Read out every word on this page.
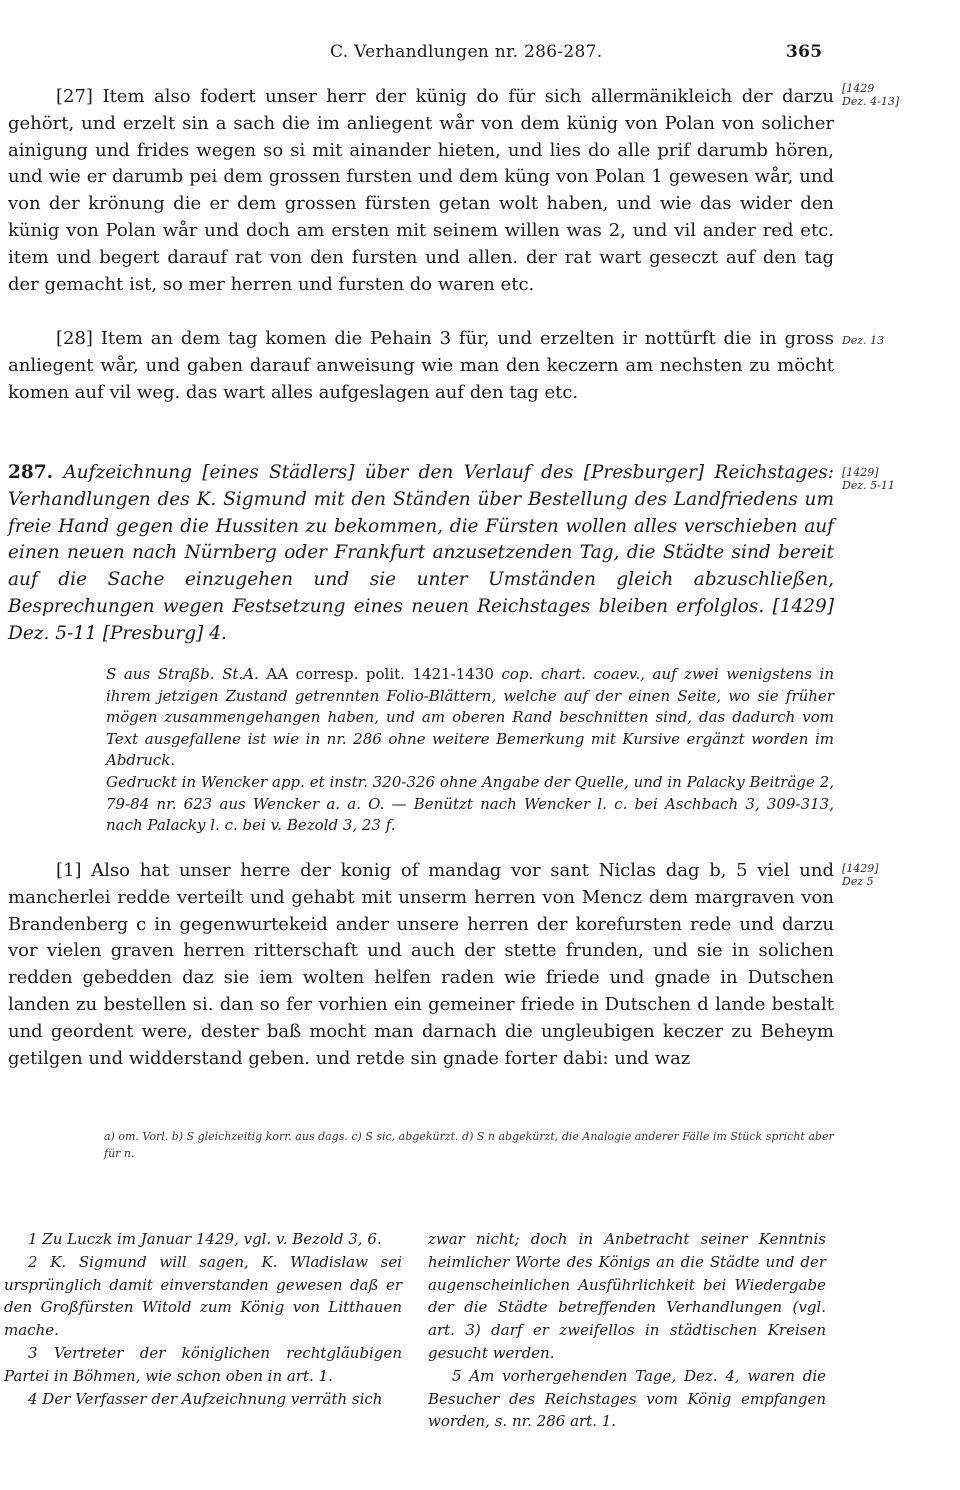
C. Verhandlungen nr. 286-287.	365
[27] Item also fodert unser herr der künig do für sich allermänikleich der darzu gehört, und erzelt sin a sach die im anliegent wår von dem künig von Polan von solicher ainigung und frides wegen so si mit ainander hieten, und lies do alle prif darumb hören, und wie er darumb pei dem grossen fursten und dem küng von Polan 1 gewesen wår, und von der krönung die er dem grossen fürsten getan wolt haben, und wie das wider den künig von Polan wår und doch am ersten mit seinem willen was 2, und vil ander red etc. item und begert darauf rat von den fursten und allen. der rat wart geseczt auf den tag der gemacht ist, so mer herren und fursten do waren etc.
[1429 Dez. 4-13]
[28] Item an dem tag komen die Pehain 3 für, und erzelten ir nottürft die in gross anliegent wår, und gaben darauf anweisung wie man den keczern am nechsten zu möcht komen auf vil weg. das wart alles aufgeslagen auf den tag etc.
Dez. 13
287. Aufzeichnung [eines Städlers] über den Verlauf des [Presburger] Reichstages: Verhandlungen des K. Sigmund mit den Ständen über Bestellung des Landfriedens um freie Hand gegen die Hussiten zu bekommen, die Fürsten wollen alles verschieben auf einen neuen nach Nürnberg oder Frankfurt anzusetzenden Tag, die Städte sind bereit auf die Sache einzugehen und sie unter Umständen gleich abzuschließen, Besprechungen wegen Festsetzung eines neuen Reichstages bleiben erfolglos. [1429] Dez. 5-11 [Presburg] 4.
[1429] Dez. 5-11
S aus Straßb. St.A. AA corresp. polit. 1421-1430 cop. chart. coaev., auf zwei wenigstens in ihrem jetzigen Zustand getrennten Folio-Blättern, welche auf der einen Seite, wo sie früher mögen zusammengehangen haben, und am oberen Rand beschnitten sind, das dadurch vom Text ausgefallene ist wie in nr. 286 ohne weitere Bemerkung mit Kursive ergänzt worden im Abdruck.
Gedruckt in Wencker app. et instr. 320-326 ohne Angabe der Quelle, und in Palacky Beiträge 2, 79-84 nr. 623 aus Wencker a. a. O. — Benützt nach Wencker l. c. bei Aschbach 3, 309-313, nach Palacky l. c. bei v. Bezold 3, 23 f.
[1] Also hat unser herre der konig of mandag vor sant Niclas dag b, 5 viel und mancherlei redde verteilt und gehabt mit unserm herren von Mencz dem margraven von Brandenberg c in gegenwurtekeid ander unsere herren der korefursten rede und darzu vor vielen graven herren ritterschaft und auch der stette frunden, und sie in solichen redden gebedden daz sie iem wolten helfen raden wie friede und gnade in Dutschen landen zu bestellen si. dan so fer vorhien ein gemeiner friede in Dutschen d lande bestalt und geordent were, dester baß mocht man darnach die ungleubigen keczer zu Beheym getilgen und widderstand geben. und retde sin gnade forter dabi: und waz
[1429] Dez 5
a) om. Vorl. b) S gleichzeitig korr. aus dags. c) S sic, abgekürzt. d) S n abgekürzt, die Analogie anderer Fälle im Stück spricht aber für n.

1 Zu Luczk im Januar 1429, vgl. v. Bezold 3, 6.

2 K. Sigmund will sagen, K. Wladislaw sei ursprünglich damit einverstanden gewesen daß er den Großfürsten Witold zum König von Litthauen mache.

3 Vertreter der königlichen rechtgläubigen Partei in Böhmen, wie schon oben in art. 1.

4 Der Verfasser der Aufzeichnung verräth sich

zwar nicht; doch in Anbetracht seiner Kenntnis heimlicher Worte des Königs an die Städte und der augenscheinlichen Ausführlichkeit bei Wiedergabe der die Städte betreffenden Verhandlungen (vgl. art. 3) darf er zweifellos in städtischen Kreisen gesucht werden.

5 Am vorhergehenden Tage, Dez. 4, waren die Besucher des Reichstages vom König empfangen worden, s. nr. 286 art. 1.
